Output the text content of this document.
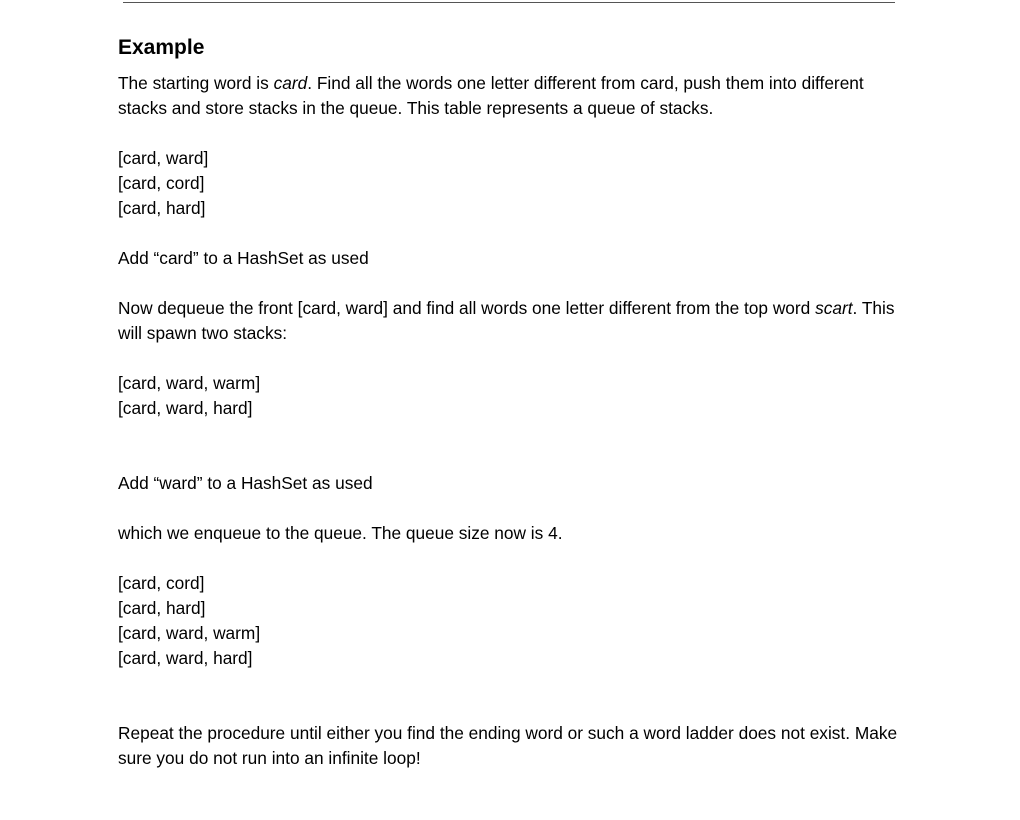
Example

The starting word is card. Find all the words one letter different from card, push them into different stacks and store stacks in the queue. This table represents a queue of stacks.

[card, ward]
[card, cord]
[card, hard]

Add “card” to a HashSet as used

Now dequeue the front [card, ward] and find all words one letter different from the top word scart. This will spawn two stacks:

[card, ward, warm]
[card, ward, hard]

Add “ward” to a HashSet as used

which we enqueue to the queue. The queue size now is 4.

[card, cord]
[card, hard]
[card, ward, warm]
[card, ward, hard]

Repeat the procedure until either you find the ending word or such a word ladder does not exist. Make sure you do not run into an infinite loop!
